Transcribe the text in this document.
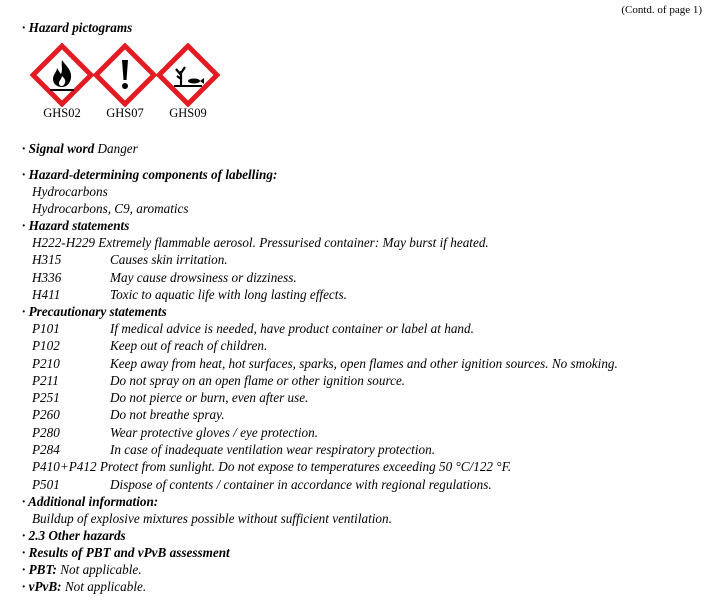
(Contd. of page 1)
· Hazard pictograms
GHS02	GHS07	GHS09
· Signal word Danger
· Hazard-determining components of labelling:
Hydrocarbons
Hydrocarbons, C9, aromatics
· Hazard statements
H222-H229 Extremely flammable aerosol. Pressurised container: May burst if heated.
H315	Causes skin irritation.
H336	May cause drowsiness or dizziness.
H411	Toxic to aquatic life with long lasting effects.
· Precautionary statements
P101	If medical advice is needed, have product container or label at hand.
P102	Keep out of reach of children.
P210	Keep away from heat, hot surfaces, sparks, open flames and other ignition sources. No smoking.
P211	Do not spray on an open flame or other ignition source.
P251	Do not pierce or burn, even after use.
P260	Do not breathe spray.
P280	Wear protective gloves / eye protection.
P284	In case of inadequate ventilation wear respiratory protection.
P410+P412 Protect from sunlight. Do not expose to temperatures exceeding 50 °C/122 °F.
P501	Dispose of contents / container in accordance with regional regulations.
· Additional information:
Buildup of explosive mixtures possible without sufficient ventilation.
· 2.3 Other hazards
· Results of PBT and vPvB assessment
· PBT: Not applicable.
· vPvB: Not applicable.
